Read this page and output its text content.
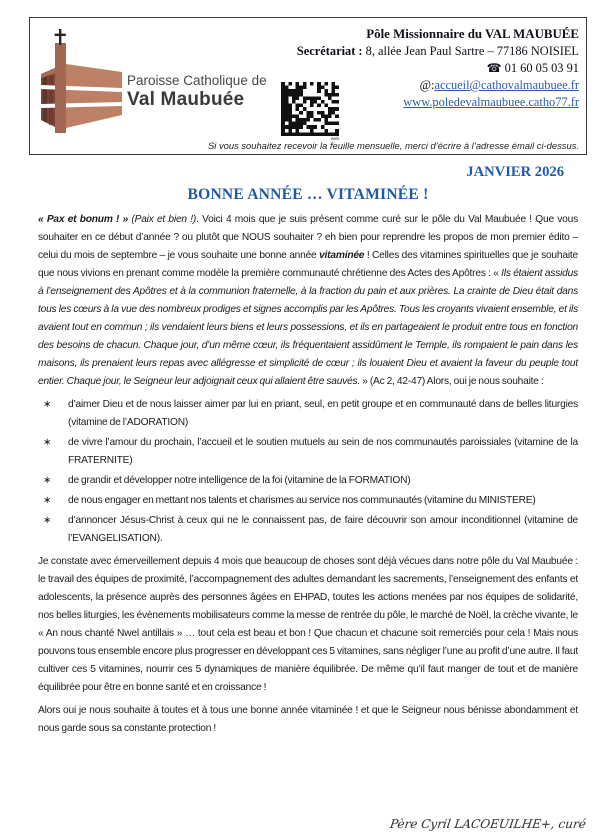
Paroisse Catholique de
Val Maubuée
web
Pôle Missionnaire du VAL MAUBUÉE
Secrétariat : 8, allée Jean Paul Sartre – 77186 NOISIEL
☎ 01 60 05 03 91
@:accueil@cathovalmaubuee.fr
www.poledevalmaubuee.catho77.fr
Si vous souhaitez recevoir la feuille mensuelle, merci d’écrire à l’adresse émail ci-dessus.
JANVIER 2026
BONNE ANNÉE … VITAMINÉE !

« Pax et bonum ! » (Paix et bien !). Voici 4 mois que je suis présent comme curé sur le pôle du Val Maubuée ! Que vous souhaiter en ce début d’année ? ou plutôt que NOUS souhaiter ? eh bien pour reprendre les propos de mon premier édito – celui du mois de septembre – je vous souhaite une bonne année vitaminée ! Celles des vitamines spirituelles que je souhaite que nous vivions en prenant comme modèle la première communauté chrétienne des Actes des Apôtres : « Ils étaient assidus à l’enseignement des Apôtres et à la communion fraternelle, à la fraction du pain et aux prières. La crainte de Dieu était dans tous les cœurs à la vue des nombreux prodiges et signes accomplis par les Apôtres. Tous les croyants vivaient ensemble, et ils avaient tout en commun ; ils vendaient leurs biens et leurs possessions, et ils en partageaient le produit entre tous en fonction des besoins de chacun. Chaque jour, d’un même cœur, ils fréquentaient assidûment le Temple, ils rompaient le pain dans les maisons, ils prenaient leurs repas avec allégresse et simplicité de cœur ; ils louaient Dieu et avaient la faveur du peuple tout entier. Chaque jour, le Seigneur leur adjoignait ceux qui allaient être sauvés. » (Ac 2, 42-47) Alors, oui je nous souhaite :

∗	d’aimer Dieu et de nous laisser aimer par lui en priant, seul, en petit groupe et en communauté dans de belles liturgies (vitamine de l’ADORATION)
∗	de vivre l’amour du prochain, l’accueil et le soutien mutuels au sein de nos communautés paroissiales (vitamine de la FRATERNITE)
∗	de grandir et développer notre intelligence de la foi (vitamine de la FORMATION)
∗	de nous engager en mettant nos talents et charismes au service nos communautés (vitamine du MINISTERE)
∗	d’annoncer Jésus-Christ à ceux qui ne le connaissent pas, de faire découvrir son amour inconditionnel (vitamine de l’EVANGELISATION).

Je constate avec émerveillement depuis 4 mois que beaucoup de choses sont déjà vécues dans notre pôle du Val Maubuée : le travail des équipes de proximité, l’accompagnement des adultes demandant les sacrements, l’enseignement des enfants et adolescents, la présence auprès des personnes âgées en EHPAD, toutes les actions menées par nos équipes de solidarité, nos belles liturgies, les évènements mobilisateurs comme la messe de rentrée du pôle, le marché de Noël, la crèche vivante, le « An nous chanté Nwel antillais » … tout cela est beau et bon ! Que chacun et chacune soit remerciés pour cela ! Mais nous pouvons tous ensemble encore plus progresser en développant ces 5 vitamines, sans négliger l’une au profit d’une autre. Il faut cultiver ces 5 vitamines, nourrir ces 5 dynamiques de manière équilibrée. De même qu’il faut manger de tout et de manière équilibrée pour être en bonne santé et en croissance !

Alors oui je nous souhaite à toutes et à tous une bonne année vitaminée ! et que le Seigneur nous bénisse abondamment et nous garde sous sa constante protection !

Père Cyril LACOEUILHE+, curé
